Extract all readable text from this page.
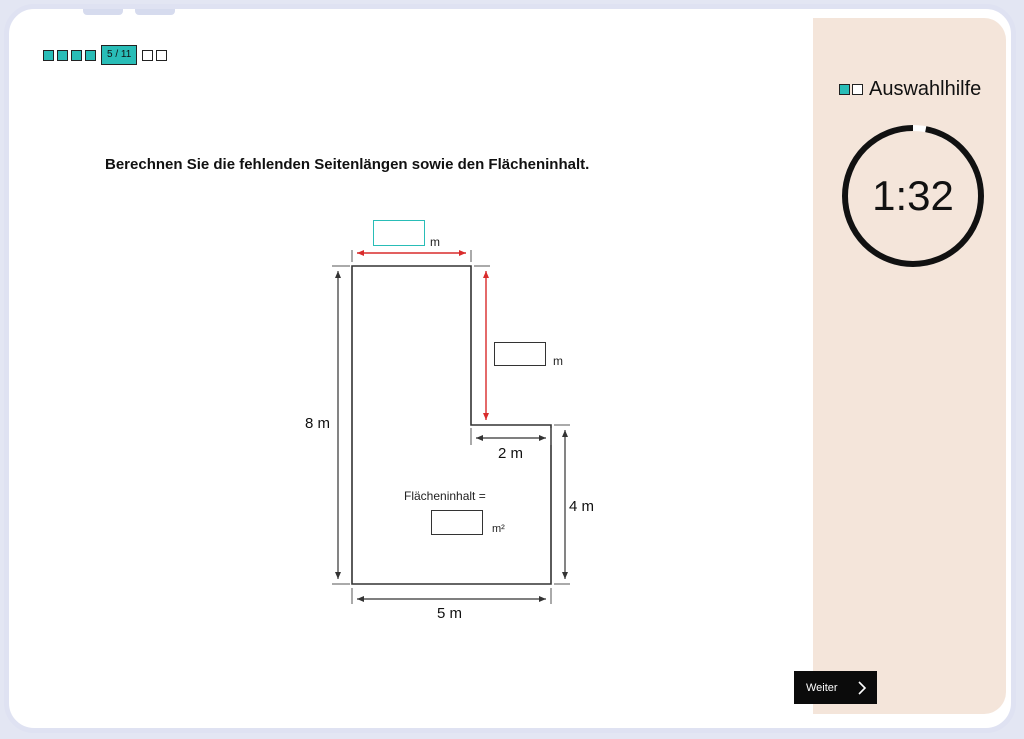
5 / 11
Berechnen Sie die fehlenden Seitenlängen sowie den Flächeninhalt.
8 m
2 m
4 m
5 m
Flächeninhalt =
m
m
m²
Auswahlhilfe
1:32
Weiter
